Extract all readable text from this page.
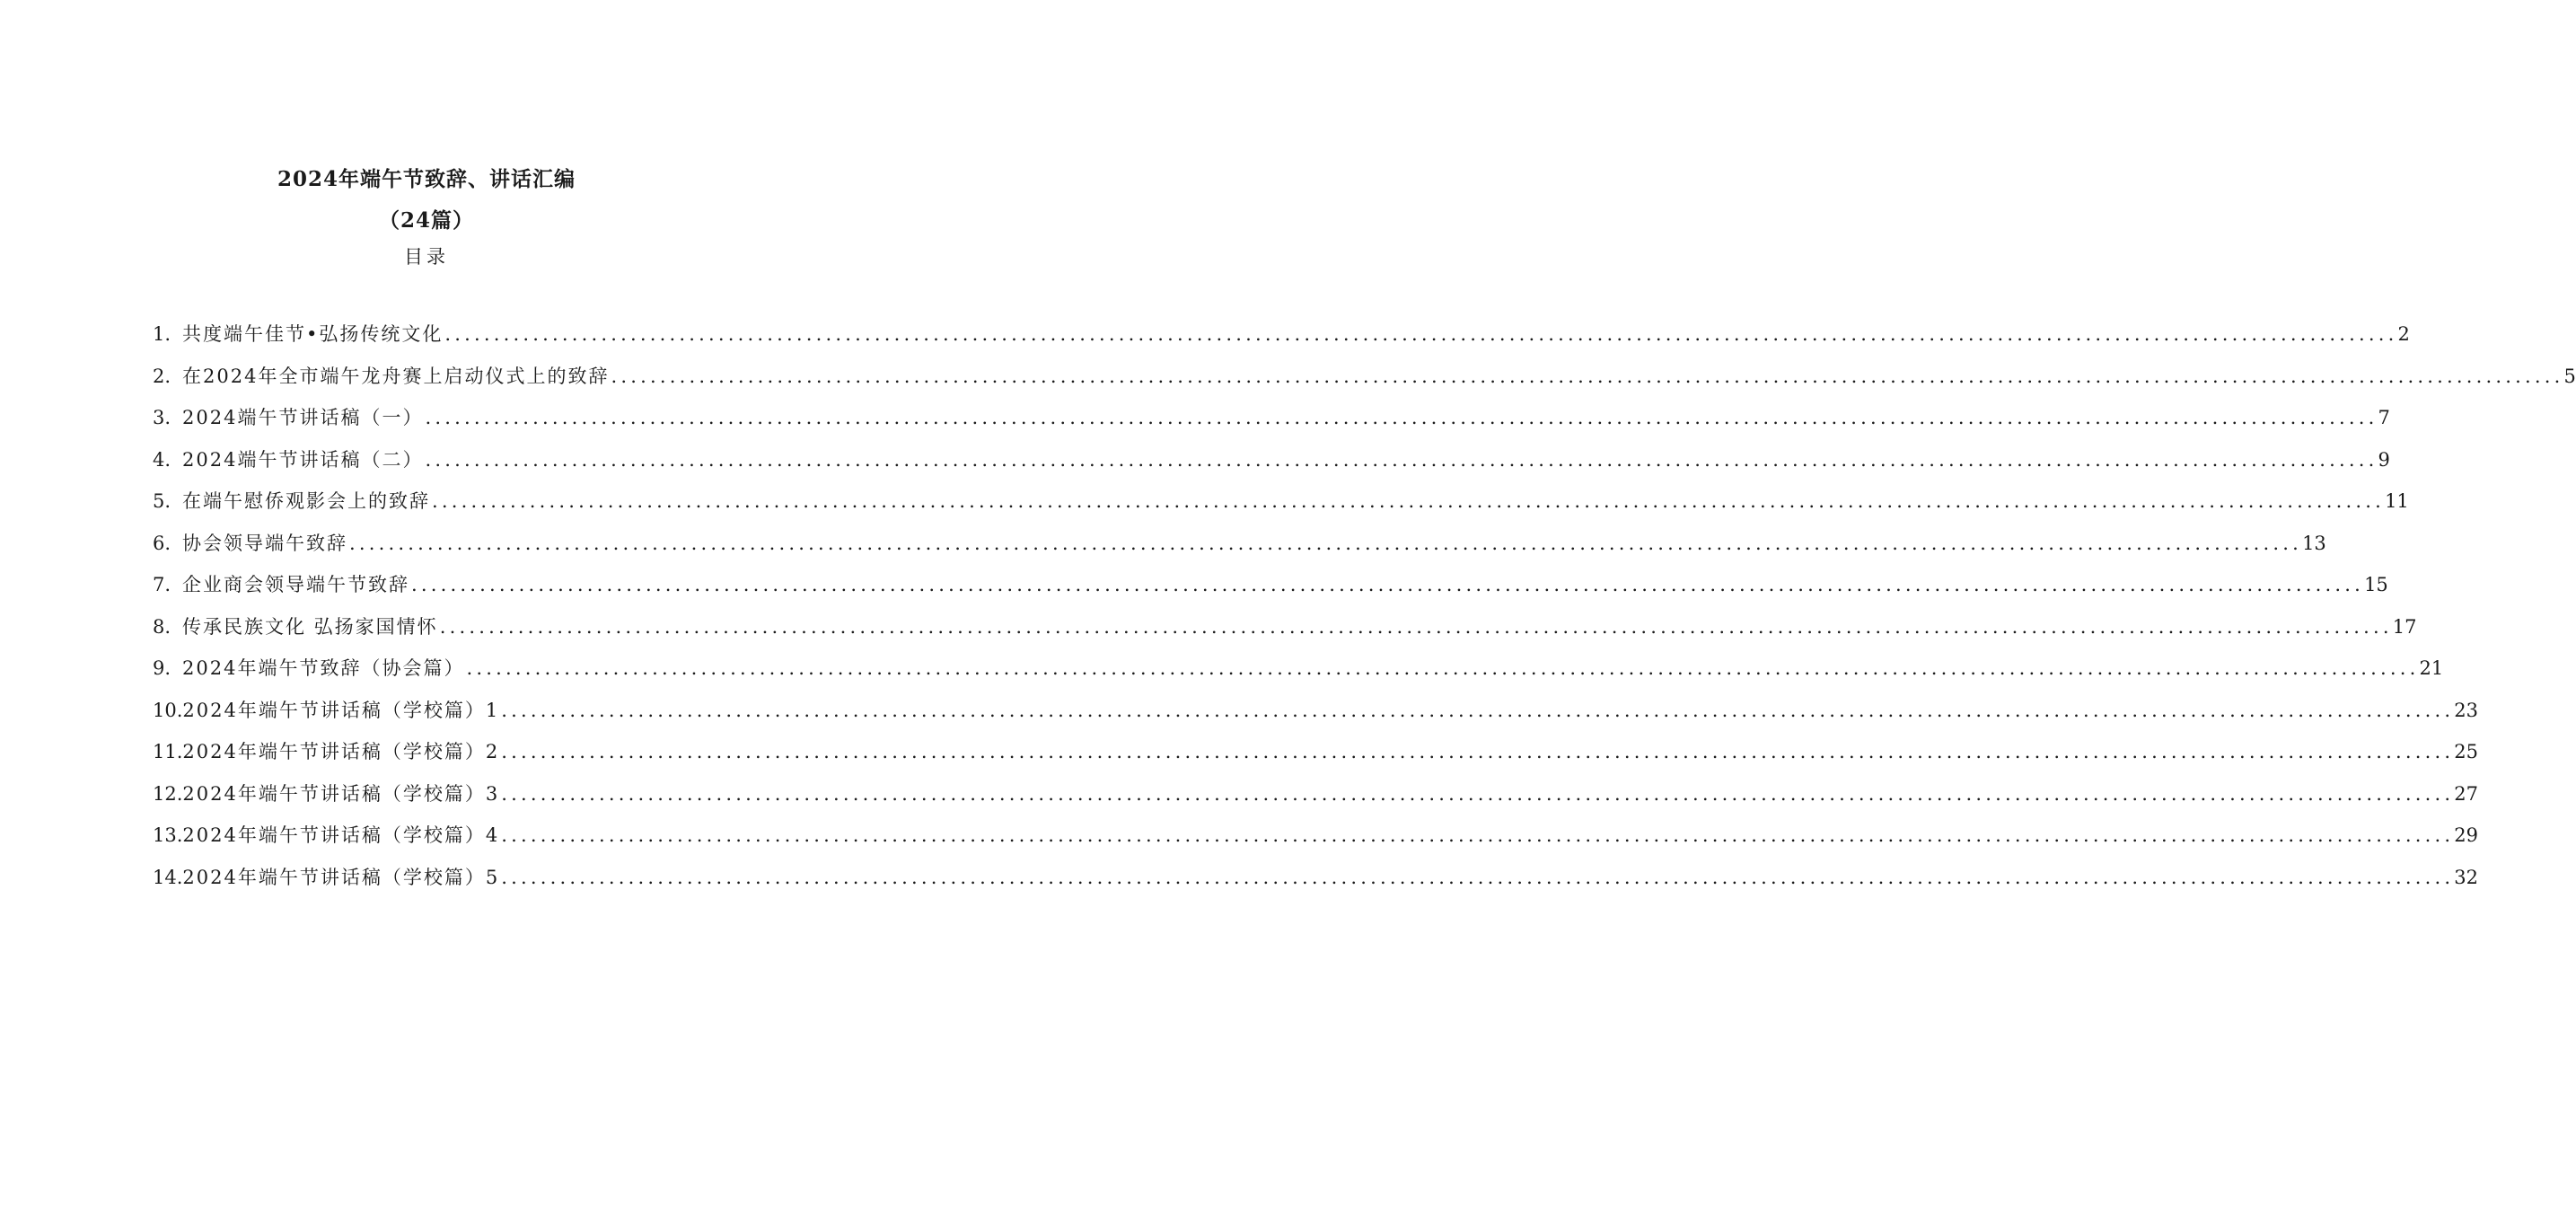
2024年端午节致辞、讲话汇编
（24篇）
目录
1. 共度端午佳节•弘扬传统文化 ........................................................................................................................................................................................................ 2
2. 在2024年全市端午龙舟赛上启动仪式上的致辞 ........................................................................................................................................................................................................ 5
3. 2024端午节讲话稿（一） ........................................................................................................................................................................................................ 7
4. 2024端午节讲话稿（二） ........................................................................................................................................................................................................ 9
5. 在端午慰侨观影会上的致辞 ........................................................................................................................................................................................................ 11
6. 协会领导端午致辞 ........................................................................................................................................................................................................ 13
7. 企业商会领导端午节致辞 ........................................................................................................................................................................................................ 15
8. 传承民族文化 弘扬家国情怀 ........................................................................................................................................................................................................ 17
9. 2024年端午节致辞（协会篇） ........................................................................................................................................................................................................ 21
10. 2024年端午节讲话稿（学校篇）1 ........................................................................................................................................................................................................ 23
11. 2024年端午节讲话稿（学校篇）2 ........................................................................................................................................................................................................ 25
12. 2024年端午节讲话稿（学校篇）3 ........................................................................................................................................................................................................ 27
13. 2024年端午节讲话稿（学校篇）4 ........................................................................................................................................................................................................ 29
14. 2024年端午节讲话稿（学校篇）5 ........................................................................................................................................................................................................ 32
